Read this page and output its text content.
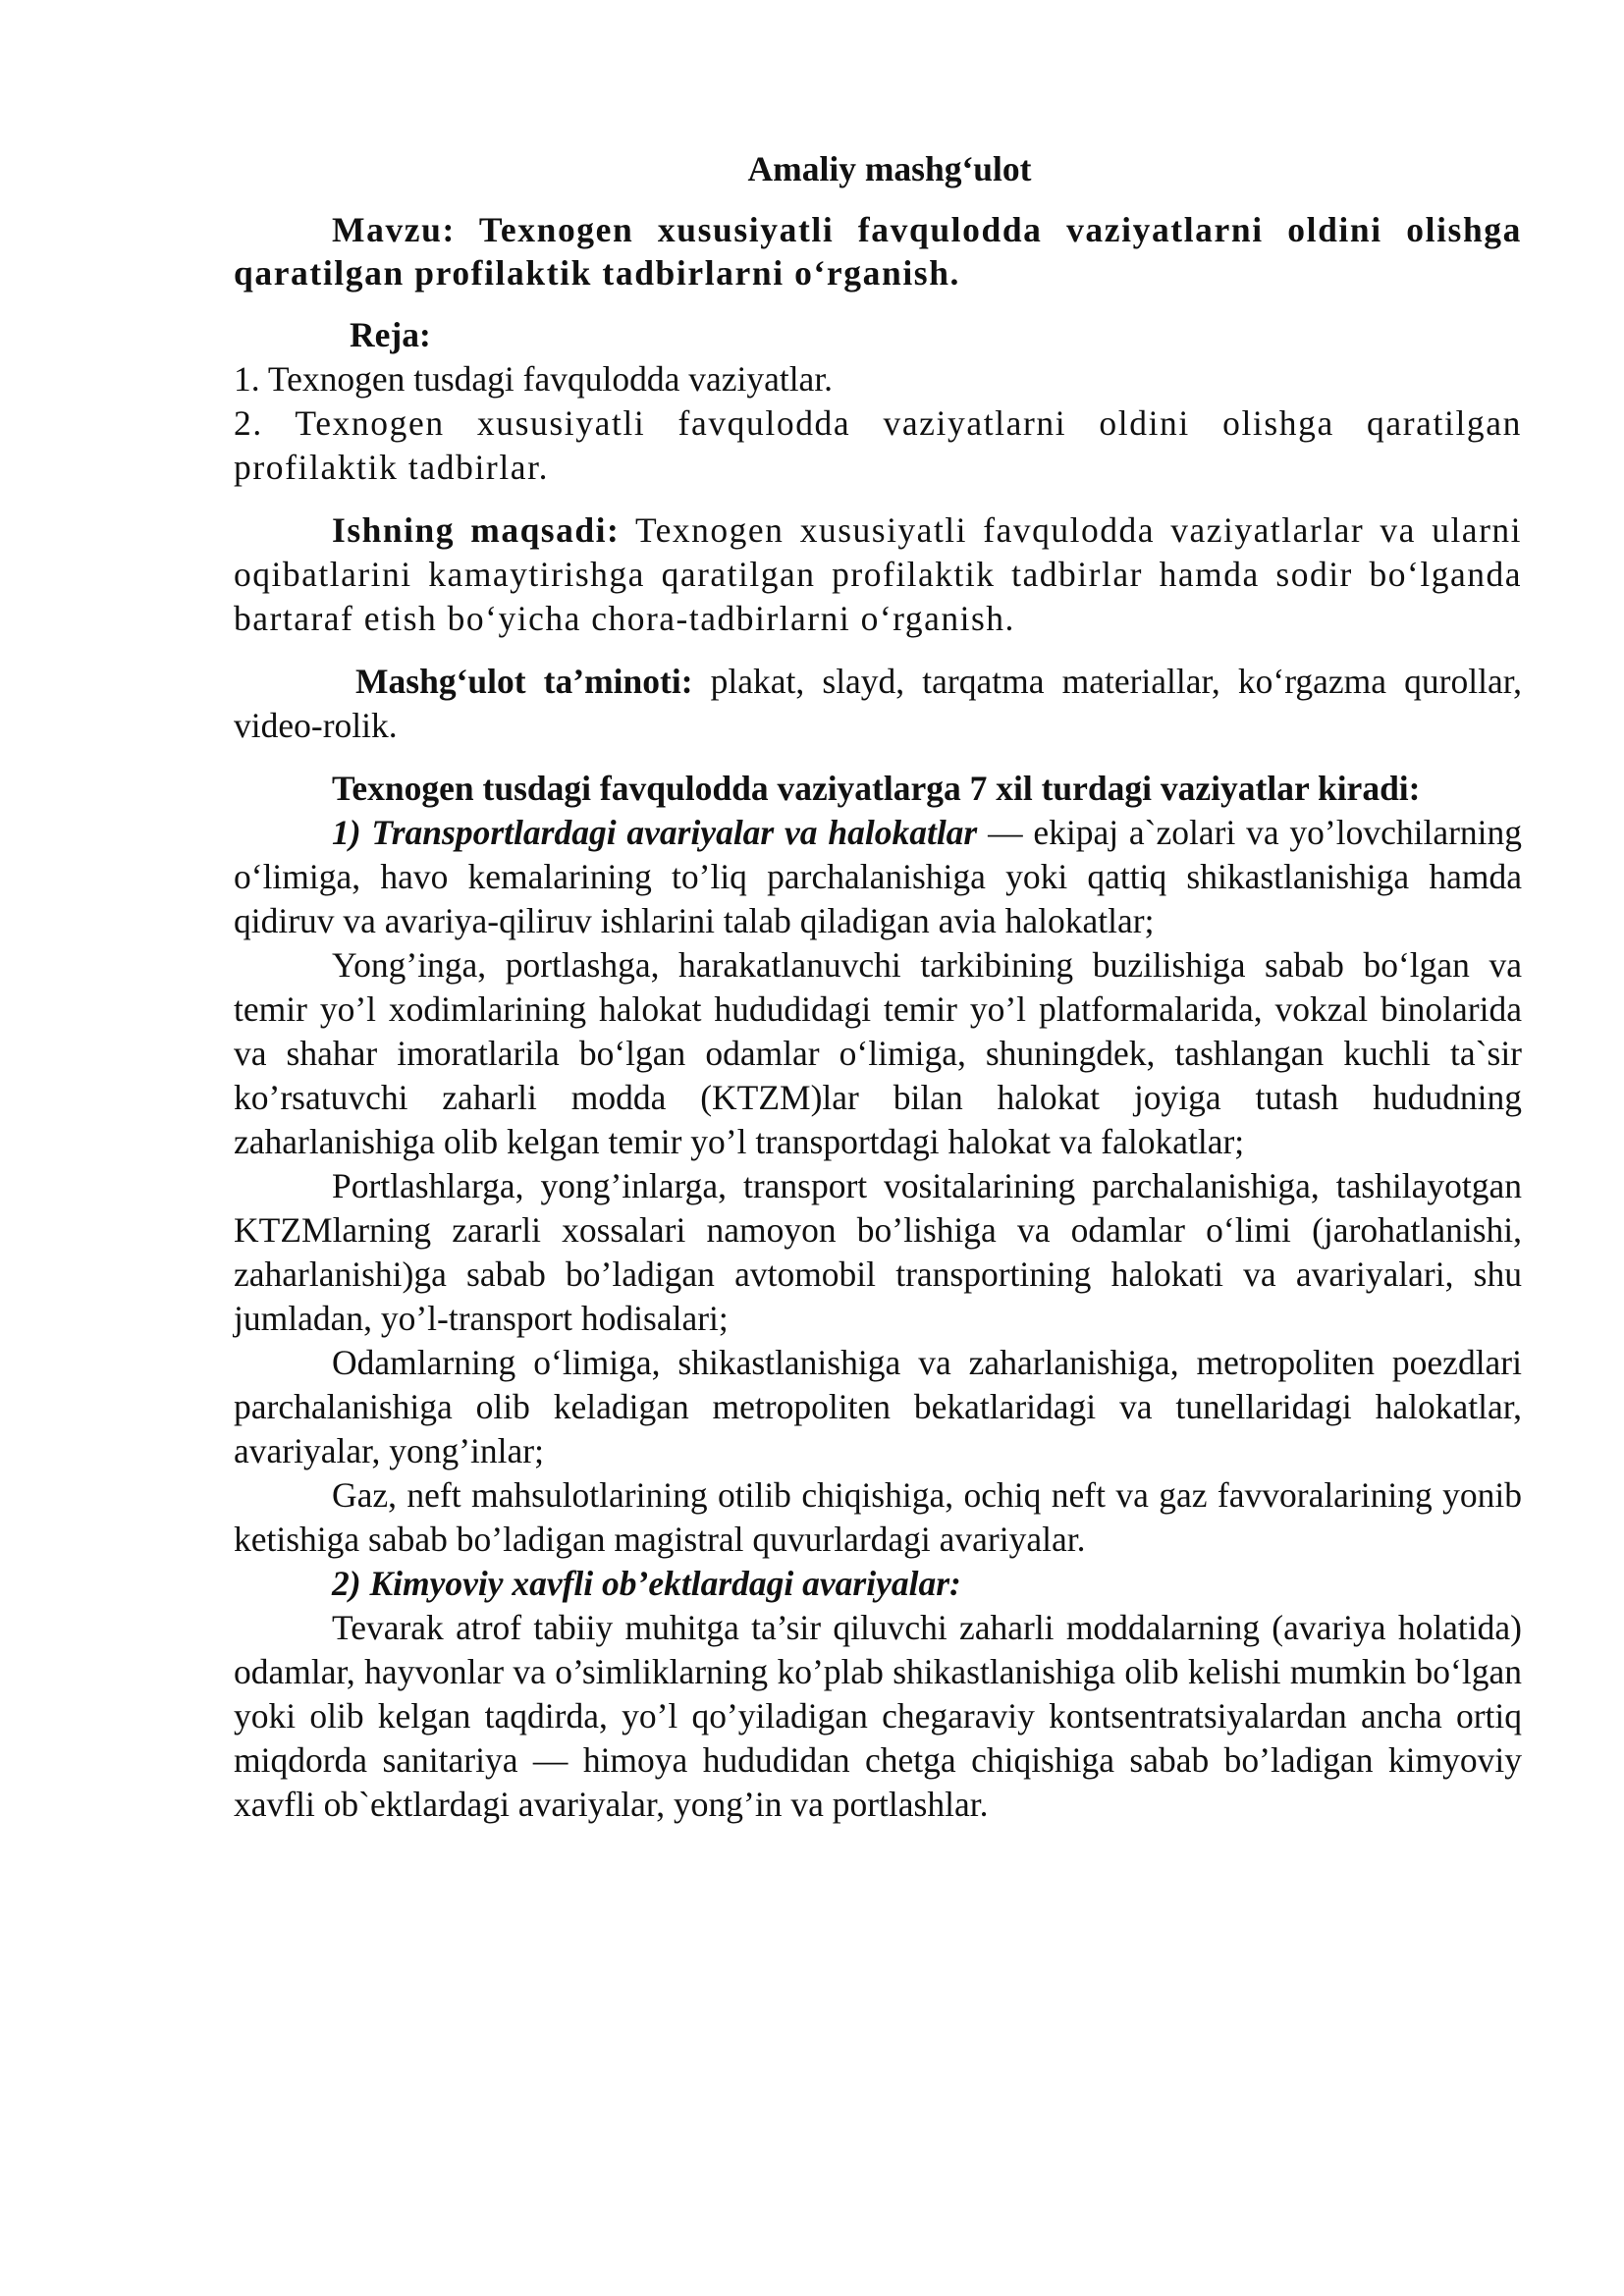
Amaliy mashg‘ulot

Mavzu: Texnogen xususiyatli favqulodda vaziyatlarni oldini olishga qaratilgan profilaktik tadbirlarni o‘rganish.

Reja:
1. Texnogen tusdagi favqulodda vaziyatlar.
2. Texnogen xususiyatli favqulodda vaziyatlarni oldini olishga qaratilgan profilaktik tadbirlar.

Ishning maqsadi: Texnogen xususiyatli favqulodda vaziyatlarlar va ularni oqibatlarini kamaytirishga qaratilgan profilaktik tadbirlar hamda sodir bo‘lganda bartaraf etish bo‘yicha chora-tadbirlarni o‘rganish.

Mashg‘ulot ta’minoti: plakat, slayd, tarqatma materiallar, ko‘rgazma qurollar, video-rolik.

Texnogen tusdagi favqulodda vaziyatlarga 7 xil turdagi vaziyatlar kiradi:

1) Transportlardagi avariyalar va halokatlar — ekipaj a`zolari va yo’lovchilarning o‘limiga, havo kemalarining to’liq parchalanishiga yoki qattiq shikastlanishiga hamda qidiruv va avariya-qiliruv ishlarini talab qiladigan avia halokatlar;

Yong’inga, portlashga, harakatlanuvchi tarkibining buzilishiga sabab bo‘lgan va temir yo’l xodimlarining halokat hududidagi temir yo’l platformalarida, vokzal binolarida va shahar imoratlarila bo‘lgan odamlar o‘limiga, shuningdek, tashlangan kuchli ta`sir ko’rsatuvchi zaharli modda (KTZM)lar bilan halokat joyiga tutash hududning zaharlanishiga olib kelgan temir yo’l transportdagi halokat va falokatlar;

Portlashlarga, yong’inlarga, transport vositalarining parchalanishiga, tashilayotgan KTZMlarning zararli xossalari namoyon bo’lishiga va odamlar o‘limi (jarohatlanishi, zaharlanishi)ga sabab bo’ladigan avtomobil transportining halokati va avariyalari, shu jumladan, yo’l-transport hodisalari;

Odamlarning o‘limiga, shikastlanishiga va zaharlanishiga, metropoliten poezdlari parchalanishiga olib keladigan metropoliten bekatlaridagi va tunellaridagi halokatlar, avariyalar, yong’inlar;

Gaz, neft mahsulotlarining otilib chiqishiga, ochiq neft va gaz favvoralarining yonib ketishiga sabab bo’ladigan magistral quvurlardagi avariyalar.

2) Kimyoviy xavfli ob’ektlardagi avariyalar:

Tevarak atrof tabiiy muhitga ta’sir qiluvchi zaharli moddalarning (avariya holatida) odamlar, hayvonlar va o’simliklarning ko’plab shikastlanishiga olib kelishi mumkin bo‘lgan yoki olib kelgan taqdirda, yo’l qo’yiladigan chegaraviy kontsentratsiyalardan ancha ortiq miqdorda sanitariya — himoya hududidan chetga chiqishiga sabab bo’ladigan kimyoviy xavfli ob`ektlardagi avariyalar, yong’in va portlashlar.
